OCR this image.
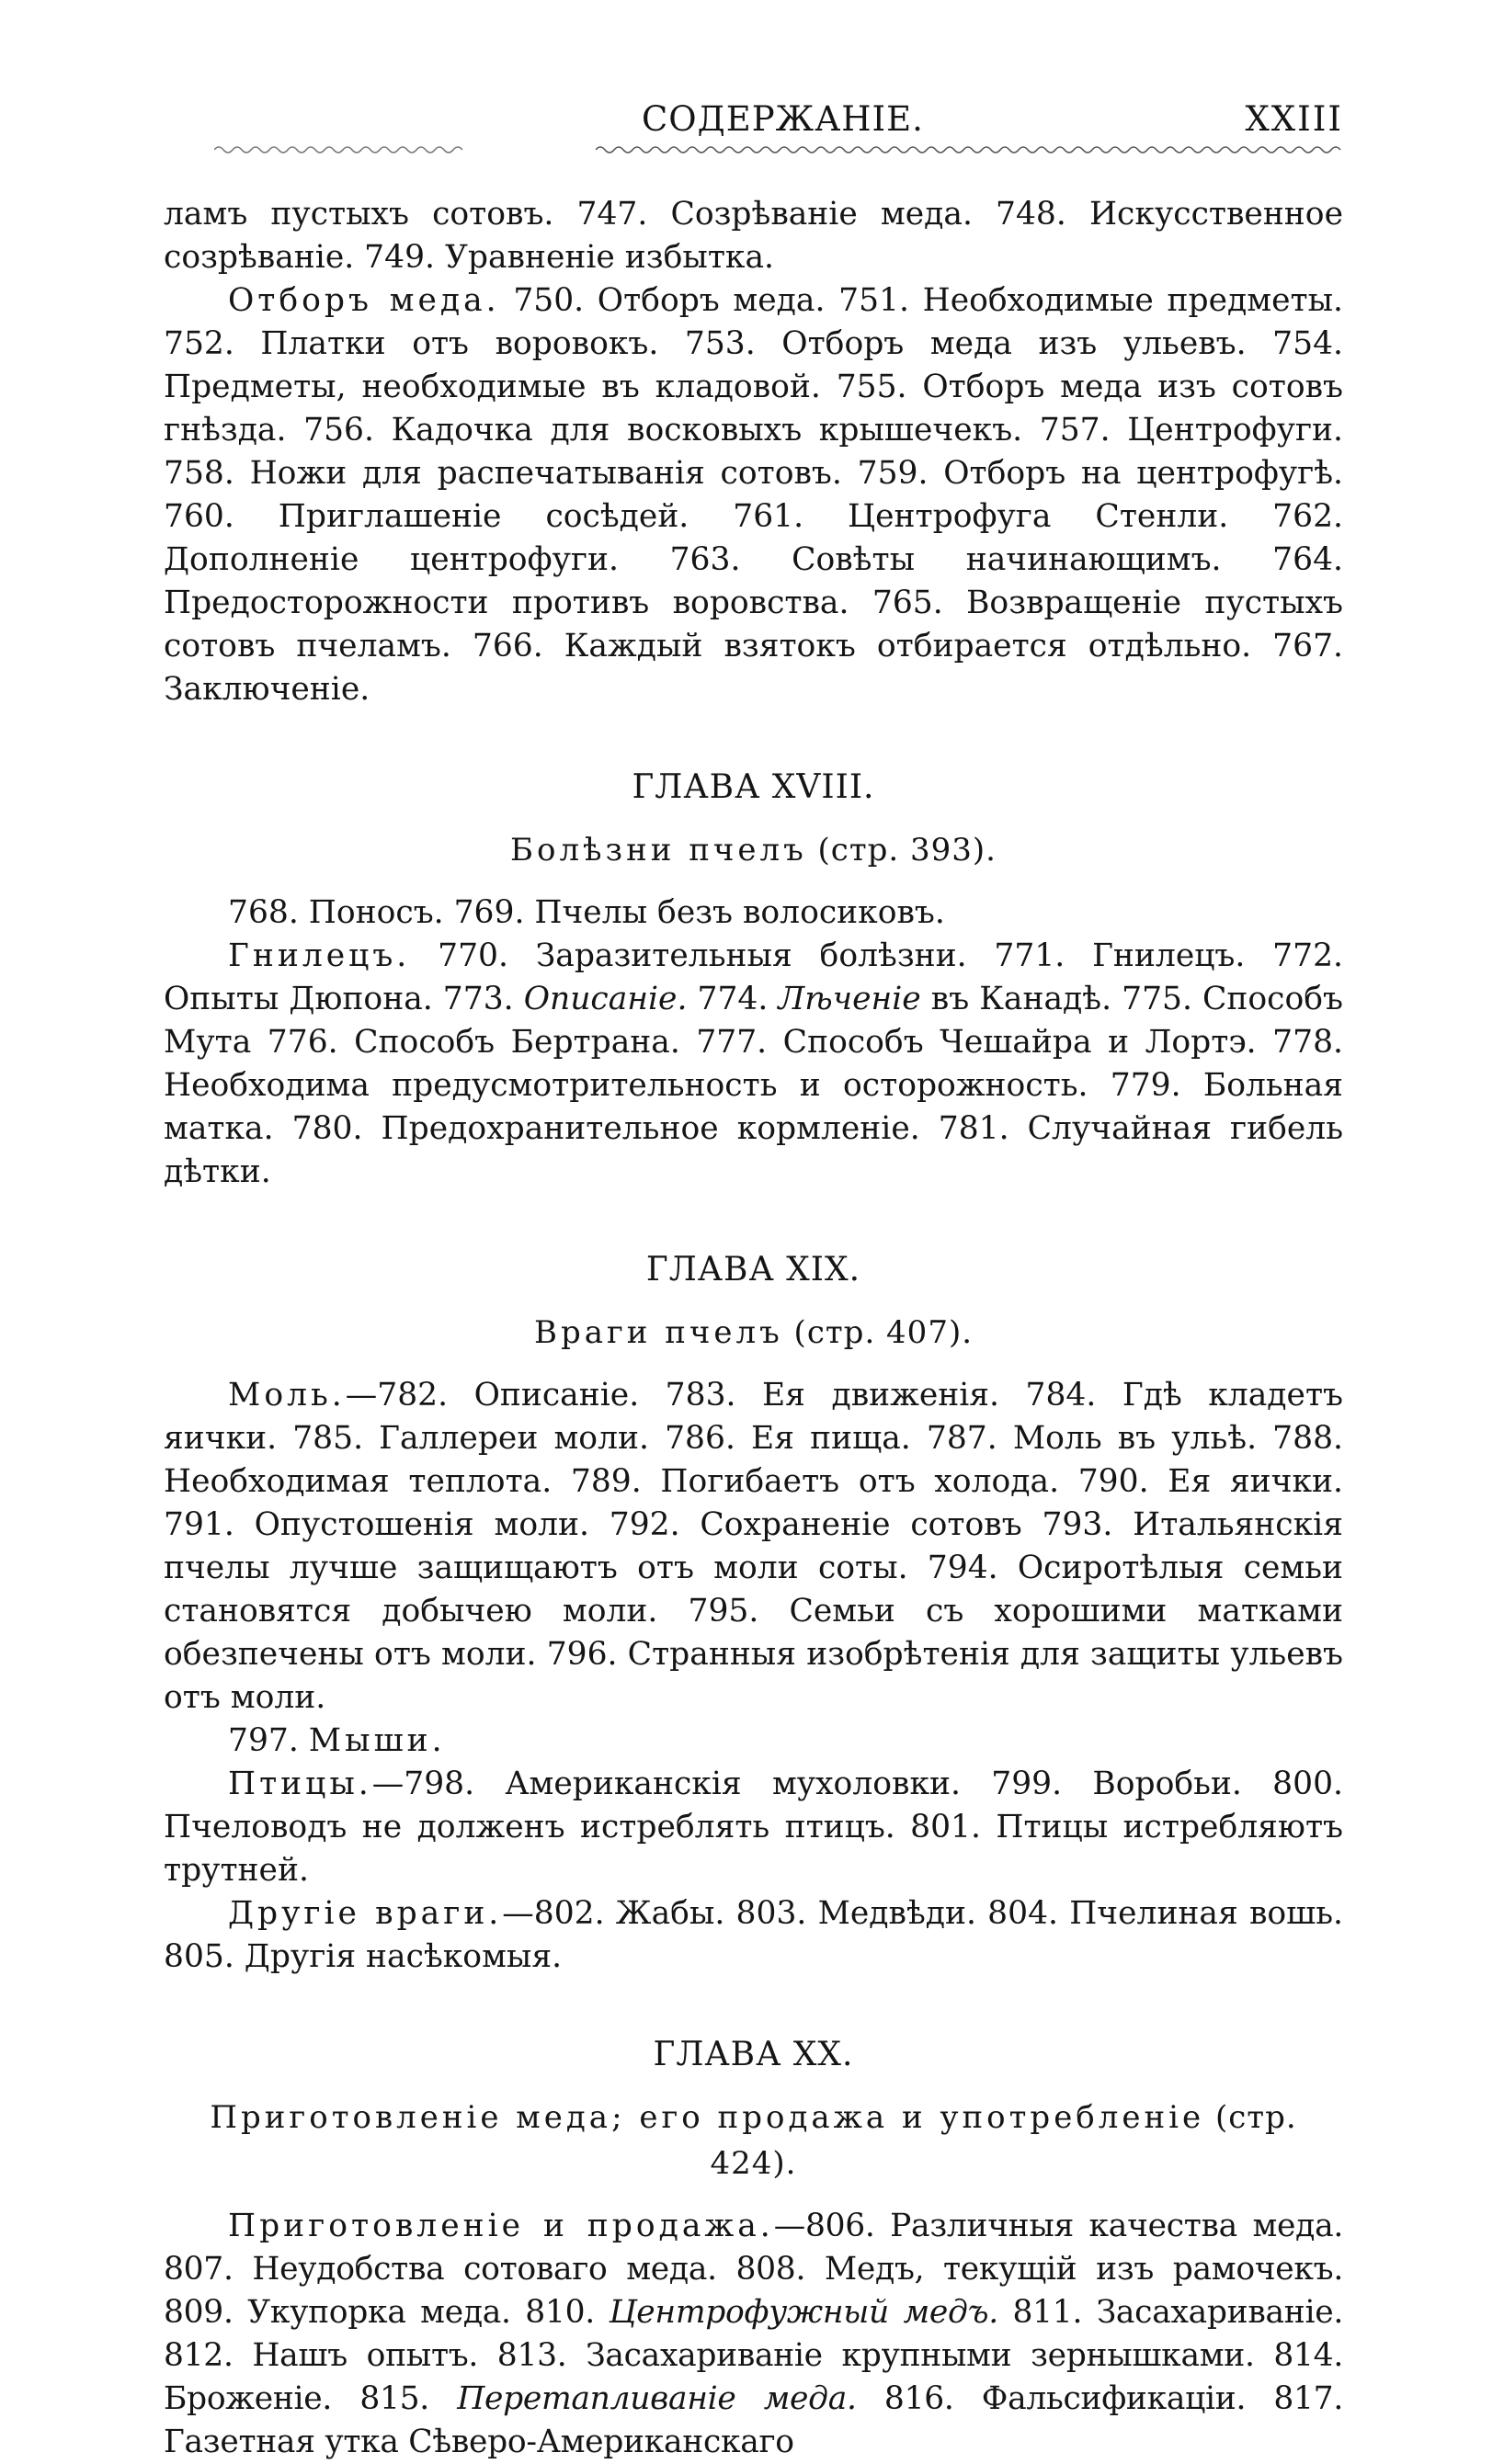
СОДЕРЖАНІЕ.	XXIII

ламъ пустыхъ сотовъ. 747. Созрѣваніе меда. 748. Искусственное созрѣваніе. 749. Уравненіе избытка.

Отборъ меда. 750. Отборъ меда. 751. Необходимые предметы. 752. Платки отъ воровокъ. 753. Отборъ меда изъ ульевъ. 754. Предметы, необходимые въ кладовой. 755. Отборъ меда изъ сотовъ гнѣзда. 756. Кадочка для восковыхъ крышечекъ. 757. Центрофуги. 758. Ножи для распечатыванія сотовъ. 759. Отборъ на центрофугѣ. 760. Приглашеніе сосѣдей. 761. Центрофуга Стенли. 762. Дополненіе центрофуги. 763. Совѣты начинающимъ. 764. Предосторожности противъ воровства. 765. Возвращеніе пустыхъ сотовъ пчеламъ. 766. Каждый взятокъ отбирается отдѣльно. 767. Заключеніе.

ГЛАВА XVIII.
Болѣзни пчелъ (стр. 393).

768. Поносъ. 769. Пчелы безъ волосиковъ.

Гнилецъ. 770. Заразительныя болѣзни. 771. Гнилецъ. 772. Опыты Дюпона. 773. Описаніе. 774. Лѣченіе въ Канадѣ. 775. Способъ Мута 776. Способъ Бертрана. 777. Способъ Чешайра и Лортэ. 778. Необходима предусмотрительность и осторожность. 779. Больная матка. 780. Предохранительное кормленіе. 781. Случайная гибель дѣтки.

ГЛАВА XIX.
Враги пчелъ (стр. 407).

Моль.—782. Описаніе. 783. Ея движенія. 784. Гдѣ кладетъ яички. 785. Галлереи моли. 786. Ея пища. 787. Моль въ ульѣ. 788. Необходимая теплота. 789. Погибаетъ отъ холода. 790. Ея яички. 791. Опустошенія моли. 792. Сохраненіе сотовъ 793. Итальянскія пчелы лучше защищаютъ отъ моли соты. 794. Осиротѣлыя семьи становятся добычею моли. 795. Семьи съ хорошими матками обезпечены отъ моли. 796. Странныя изобрѣтенія для защиты ульевъ отъ моли.

797. Мыши.

Птицы.—798. Американскія мухоловки. 799. Воробьи. 800. Пчеловодъ не долженъ истреблять птицъ. 801. Птицы истребляютъ трутней.

Другіе враги.—802. Жабы. 803. Медвѣди. 804. Пчелиная вошь. 805. Другія насѣкомыя.

ГЛАВА XX.
Приготовленіе меда; его продажа и употребленіе (стр. 424).

Приготовленіе и продажа.—806. Различныя качества меда. 807. Неудобства сотоваго меда. 808. Медъ, текущій изъ рамочекъ. 809. Укупорка меда. 810. Центрофужный медъ. 811. Засахариваніе. 812. Нашъ опытъ. 813. Засахариваніе крупными зернышками. 814. Броженіе. 815. Перетапливаніе меда. 816. Фальсификаціи. 817. Газетная утка Сѣверо-Американскаго
